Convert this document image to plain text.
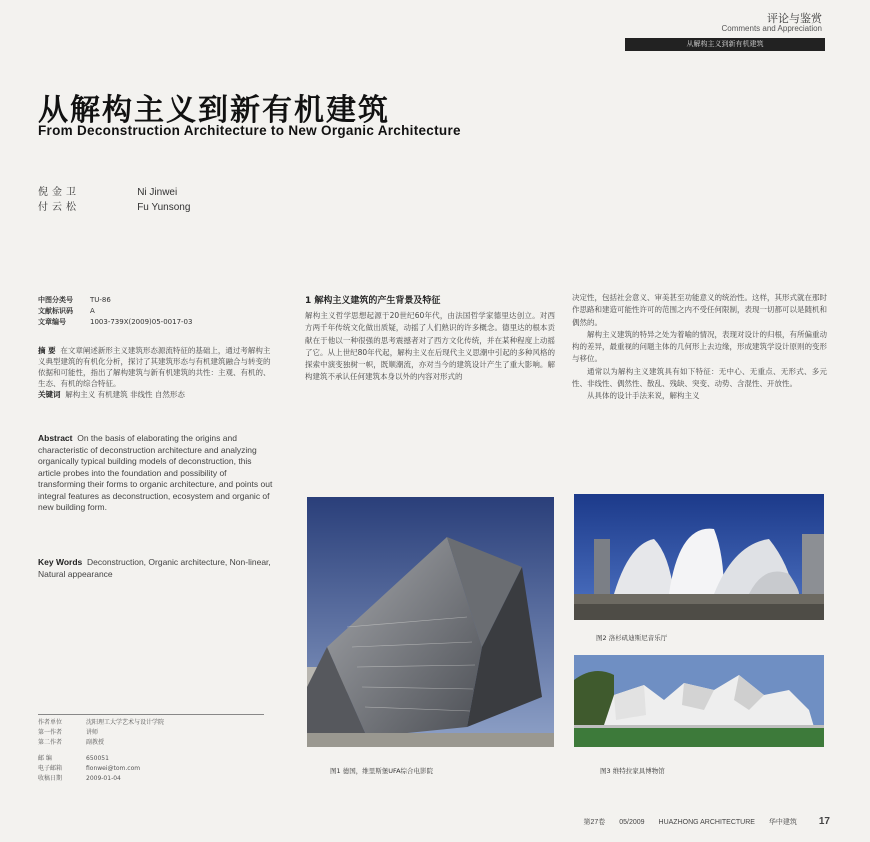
评论与鉴赏
Comments and Appreciation
从解构主义到新有机建筑
从解构主义到新有机建筑
From Deconstruction Architecture to New Organic Architecture
倪金卫	Ni Jinwei
付云松	Fu Yunsong
中图分类号 TU-86
文献标识码 A
文章编号	1003-739X(2009)05-0017-03
摘 要 在文章阐述新形主义建筑形态源流特征的基础上，通过考解构主义典型建筑的有机化分析，探讨了其建筑形态与有机建筑融合与转变的依据和可能性，指出了解构建筑与新有机建筑的共性：主观、有机的、生态、有机的综合特征。
关键词 解构主义 有机建筑 非线性 自然形态
Abstract On the basis of elaborating the origins and characteristic of deconstruction architecture and analyzing organically typical building models of deconstruction, this article probes into the foundation and possibility of transforming their forms to organic architecture, and points out integral features as deconstruction, ecosystem and organic of new building form.
Key Words Deconstruction, Organic architecture, Non-linear, Natural appearance
1 解构主义建筑的产生背景及特征
解构主义哲学思想起源于20世纪60年代，由法国哲学家德里达创立。对西方两千年传统文化做出质疑，动摇了人们熟识的许多概念。德里达的根本贡献在于他以一种很强的思考震撼者对了西方文化传统，并在某种程度上动摇了它。从上世纪80年代起，解构主义在后现代主义思潮中引起的多种风格的探索中演变独树一帜，既顺潮流，亦对当今的建筑设计产生了重大影响。解构建筑不承认任何建筑本身以外的内容对形式的

决定性，包括社会意义、审美甚至功能意义的统治性。这样，其形式就在那时作思路和建造可能性许可的范围之内不受任何限制，表现一切都可以是随机和偶然的。

解构主义建筑的特异之处为着喻的情况，表现对设计的归根，有所偏重动构的差异，最重视的问题主体的几何形上去边缘，形成建筑学设计原则的变形与移位。

通常以为解构主义建筑具有如下特征：无中心、无重点、无形式、多元性、非线性、偶然性、散乱、残缺、突变、动势、含混性、开放性。

从具体的设计手法来说，解构主义

作者单位	沈阳理工大学艺术与设计学院
第一作者	讲师
第二作者	副教授
邮 编	650051
电子邮箱	fionwei@tom.com
收稿日期	2009-01-04
图1 德国，维里斯堡UFA综合电影院
图2 洛杉矶迪斯尼音乐厅
图3 维特拉家具博物馆
第27卷 05/2009 HUAZHONG ARCHITECTURE 华中建筑 17
